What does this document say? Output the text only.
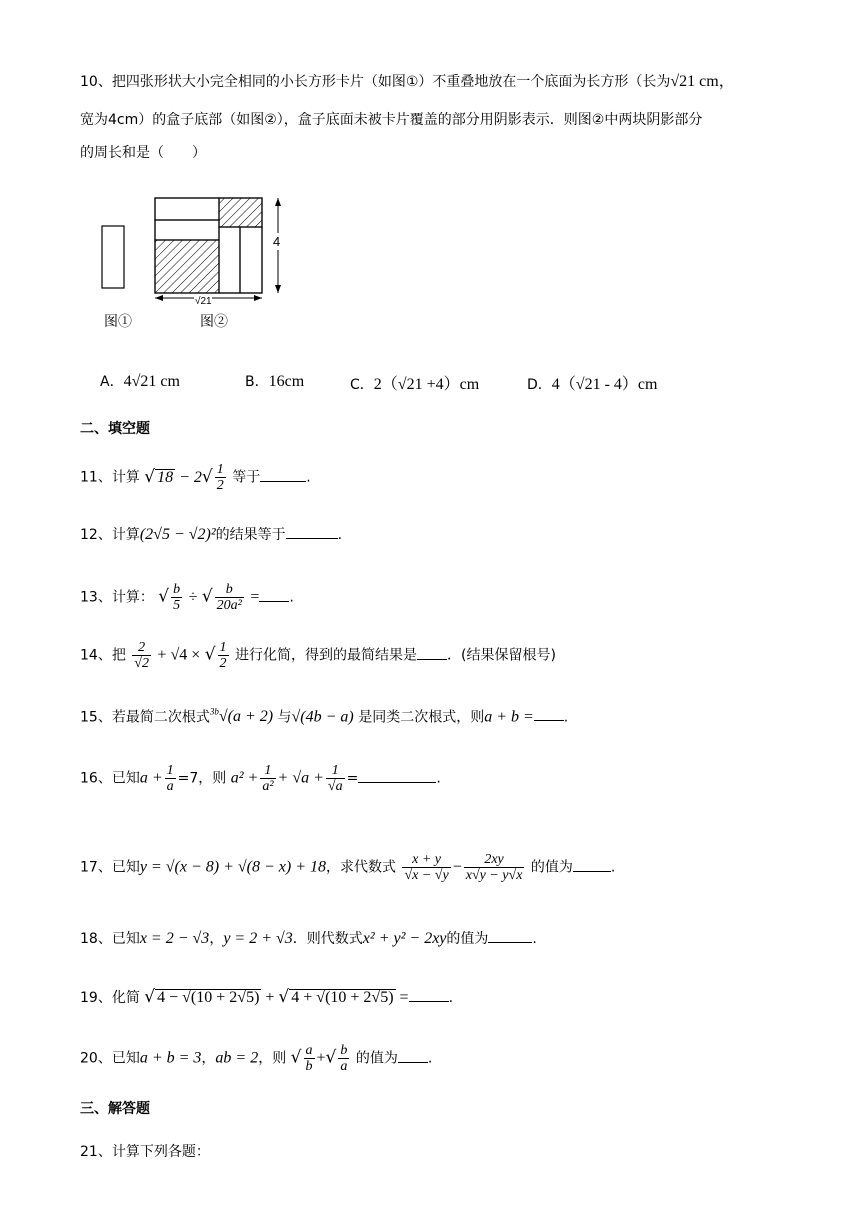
10、把四张形状大小完全相同的小长方形卡片（如图①）不重叠地放在一个底面为长方形（长为√21 cm，
宽为4cm）的盒子底部（如图②），盒子底面未被卡片覆盖的部分用阴影表示．则图②中两块阴影部分
的周长和是（　　）
4
√21
图①	图②
A．4√21 cm	B．16cm	C．2（√21 +4）cm	D．4（√21 - 4）cm
二、填空题
11、计算 √ $18 - 2√ \frac{1}{2}$ 等于	.
12、计算(2√5 − √2)²的结果等于	.
13、计算： √ $\frac{b}{5}$ ÷ √ $\frac{b}{\text{20a²}}$ = .
14、把 $\frac{2}{√2} + √4$ × √ $\frac{1}{2}$ 进行化简，得到的最简结果是 ．(结果保留根号)
15、若最简二次根式$^{3b}$√(a + 2) 与√(4b − a) 是同类二次根式，则a + b = .
16、已知$a + \frac{1}{a} =7$，则 $a^2 + \frac{1}{\text{a²}} + √a + \frac{1}{√a}$ =	.
17、已知y = √(x − 8) + √(8 − x) + 18，求代数式 $\frac{x + y}{√x - √y} - \frac{2xy}{x√y - y√x}$ 的值为	.
18、已知x = 2 − √3，y = 2 + √3．则代数式x² + y² − 2xy的值为	.
19、化简 √ 4 − √(10 + 2√5) + √ 4 + √(10 + 2√5) =	.
20、已知a + b = 3，ab = 2，则 √ $\frac{a}{b}$ +√ $\frac{b}{a}$ 的值为 .
三、解答题
21、计算下列各题：
